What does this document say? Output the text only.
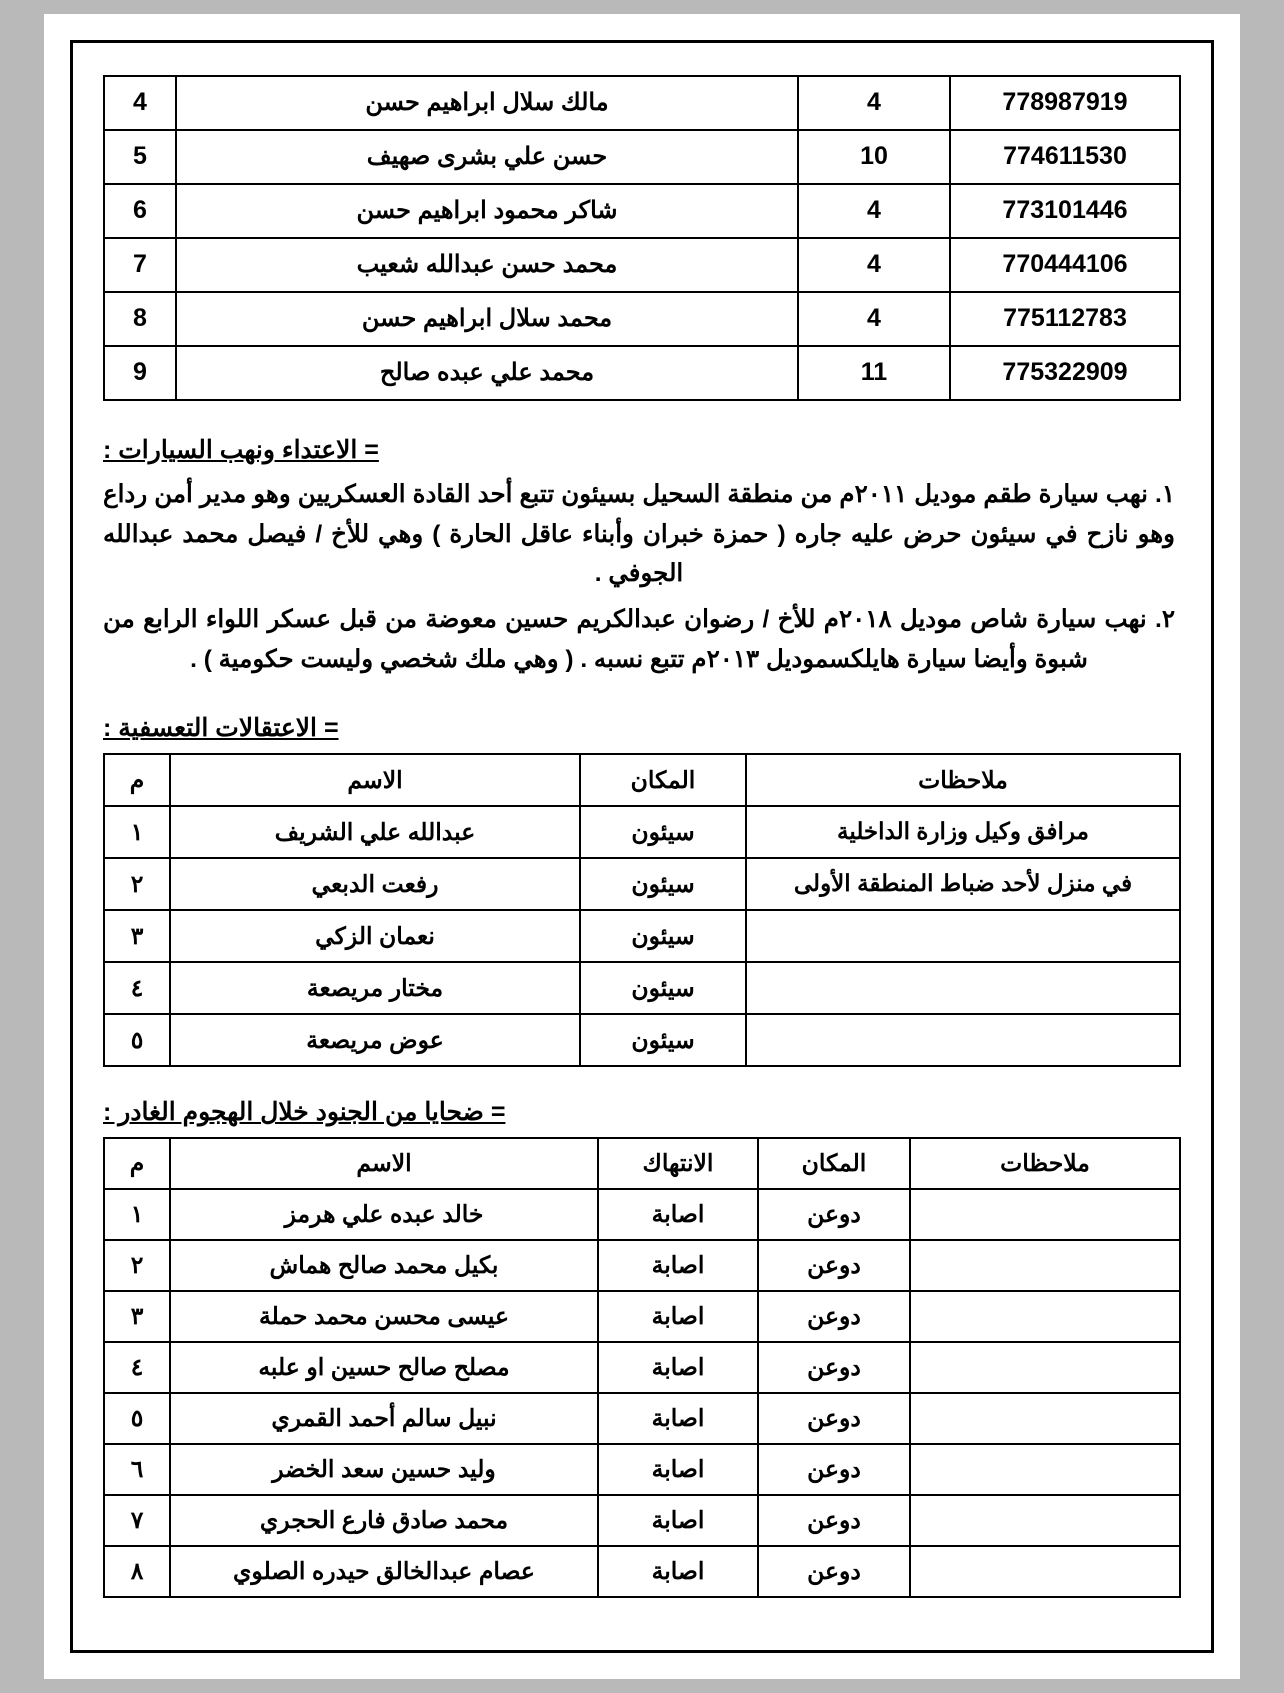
778987919	4	مالك سلال ابراهيم حسن	4
774611530	10	حسن علي بشرى صهيف	5
773101446	4	شاكر محمود ابراهيم حسن	6
770444106	4	محمد حسن عبدالله شعيب	7
775112783	4	محمد سلال ابراهيم حسن	8
775322909	11	محمد علي عبده صالح	9
= الاعتداء ونهب السيارات :
١. نهب سيارة طقم موديل ٢٠١١م من منطقة السحيل بسيئون تتبع أحد القادة العسكريين وهو مدير أمن رداع وهو نازح في سيئون حرض عليه جاره ( حمزة خبران وأبناء عاقل الحارة ) وهي للأخ / فيصل محمد عبدالله الجوفي .
٢. نهب سيارة شاص موديل ٢٠١٨م للأخ / رضوان عبدالكريم حسين معوضة من قبل عسكر اللواء الرابع من شبوة وأيضا سيارة هايلكسموديل ٢٠١٣م تتبع نسبه . ( وهي ملك شخصي وليست حكومية ) .
= الاعتقالات التعسفية :
ملاحظات	المكان	الاسم	م
مرافق وكيل وزارة الداخلية	سيئون	عبدالله علي الشريف	١
في منزل لأحد ضباط المنطقة الأولى	سيئون	رفعت الدبعي	٢
	سيئون	نعمان الزكي	٣
	سيئون	مختار مريصعة	٤
	سيئون	عوض مريصعة	٥
= ضحايا من الجنود خلال الهجوم الغادر :
ملاحظات	المكان	الانتهاك	الاسم	م
	دوعن	اصابة	خالد عبده علي هرمز	١
	دوعن	اصابة	بكيل محمد صالح هماش	٢
	دوعن	اصابة	عيسى محسن محمد حملة	٣
	دوعن	اصابة	مصلح صالح حسين او علبه	٤
	دوعن	اصابة	نبيل سالم أحمد القمري	٥
	دوعن	اصابة	وليد حسين سعد الخضر	٦
	دوعن	اصابة	محمد صادق فارع الحجري	٧
	دوعن	اصابة	عصام عبدالخالق حيدره الصلوي	٨
